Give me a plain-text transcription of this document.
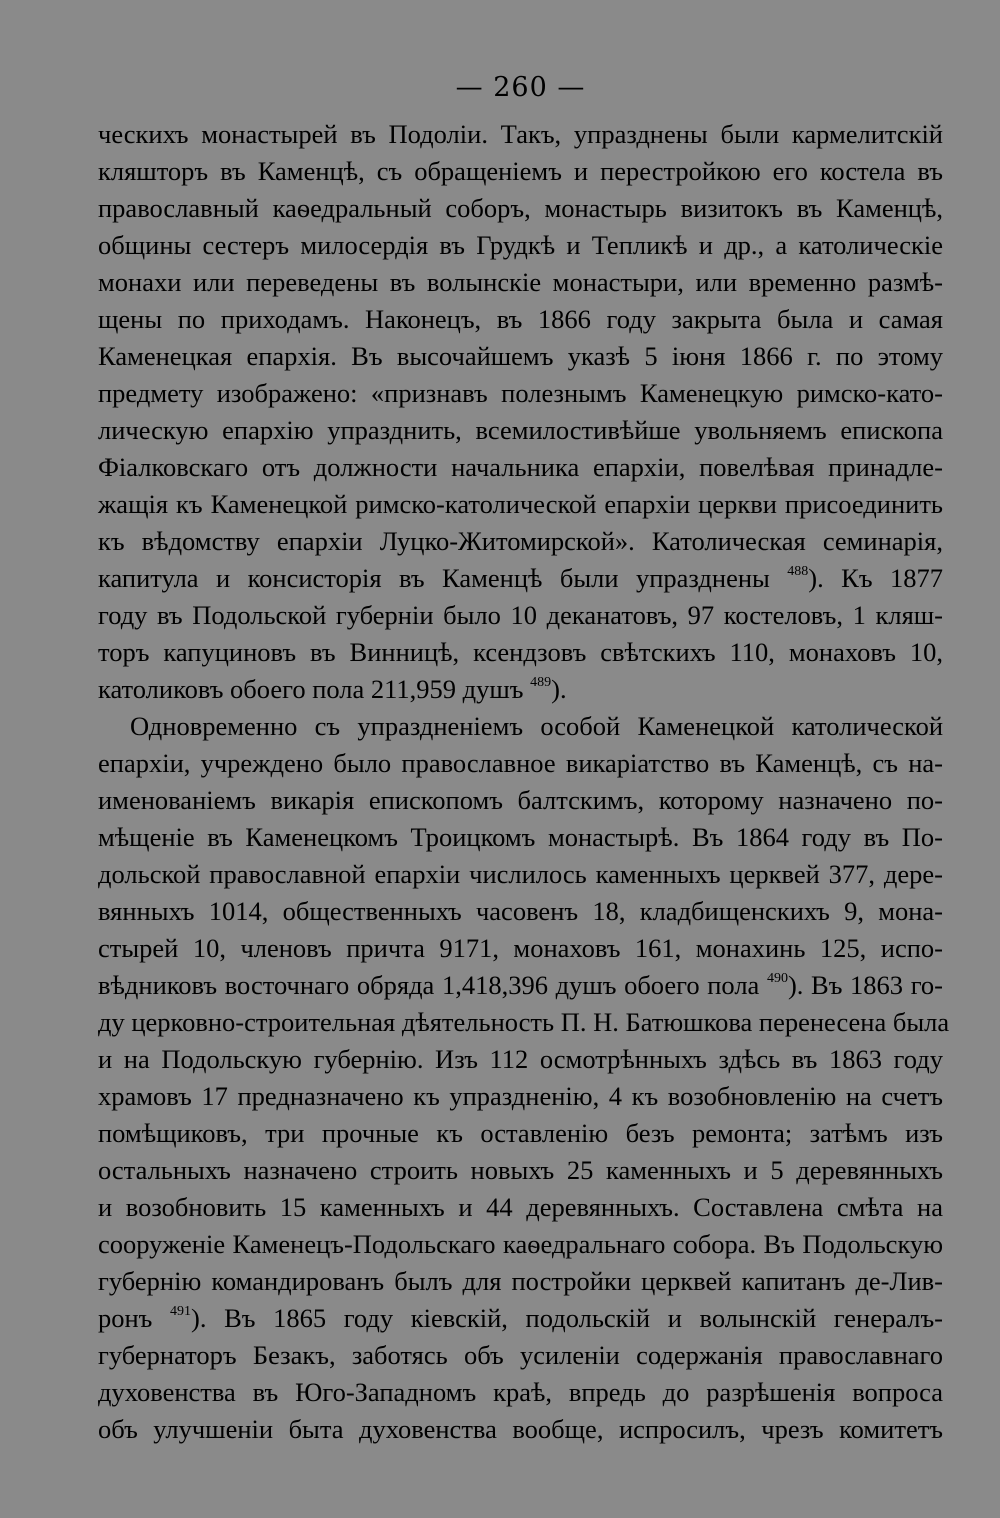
— 260 —
ческихъ монастырей въ Подоліи. Такъ, упразднены были кармелитскій
кляшторъ въ Каменцѣ, съ обращеніемъ и перестройкою его костела въ
православный каѳедральный соборъ, монастырь визитокъ въ Каменцѣ,
общины сестеръ милосердія въ Грудкѣ и Тепликѣ и др., а католическіе
монахи или переведены въ волынскіе монастыри, или временно размѣ-
щены по приходамъ. Наконецъ, въ 1866 году закрыта была и самая
Каменецкая епархія. Въ высочайшемъ указѣ 5 іюня 1866 г. по этому
предмету изображено: «признавъ полезнымъ Каменецкую римско-като-
лическую епархію упразднить, всемилостивѣйше увольняемъ епископа
Фіалковскаго отъ должности начальника епархіи, повелѣвая принадле-
жащія къ Каменецкой римско-католической епархіи церкви присоединить
къ вѣдомству епархіи Луцко-Житомирской». Католическая семинарія,
капитула и консисторія въ Каменцѣ были упразднены $^{488}$). Къ 1877
году въ Подольской губерніи было 10 деканатовъ, 97 костеловъ, 1 кляш-
торъ капуциновъ въ Винницѣ, ксендзовъ свѣтскихъ 110, монаховъ 10,
католиковъ обоего пола 211,959 душъ $^{489}$).
Одновременно съ упраздненіемъ особой Каменецкой католической
епархіи, учреждено было православное викаріатство въ Каменцѣ, съ на-
именованіемъ викарія епископомъ балтскимъ, которому назначено по-
мѣщеніе въ Каменецкомъ Троицкомъ монастырѣ. Въ 1864 году въ По-
дольской православной епархіи числилось каменныхъ церквей 377, дере-
вянныхъ 1014, общественныхъ часовенъ 18, кладбищенскихъ 9, мона-
стырей 10, членовъ причта 9171, монаховъ 161, монахинь 125, испо-
вѣдниковъ восточнаго обряда 1,418,396 душъ обоего пола $^{490}$). Въ 1863 го-
ду церковно-строительная дѣятельность П. Н. Батюшкова перенесена была
и на Подольскую губернію. Изъ 112 осмотрѣнныхъ здѣсь въ 1863 году
храмовъ 17 предназначено къ упраздненію, 4 къ возобновленію на счетъ
помѣщиковъ, три прочные къ оставленію безъ ремонта; затѣмъ изъ
остальныхъ назначено строить новыхъ 25 каменныхъ и 5 деревянныхъ
и возобновить 15 каменныхъ и 44 деревянныхъ. Составлена смѣта на
сооруженіе Каменецъ-Подольскаго каѳедральнаго собора. Въ Подольскую
губернію командированъ былъ для постройки церквей капитанъ де-Лив-
ронъ $^{491}$). Въ 1865 году кіевскій, подольскій и волынскій генералъ-
губернаторъ Безакъ, заботясь объ усиленіи содержанія православнаго
духовенства въ Юго-Западномъ краѣ, впредь до разрѣшенія вопроса
объ улучшеніи быта духовенства вообще, испросилъ, чрезъ комитетъ
